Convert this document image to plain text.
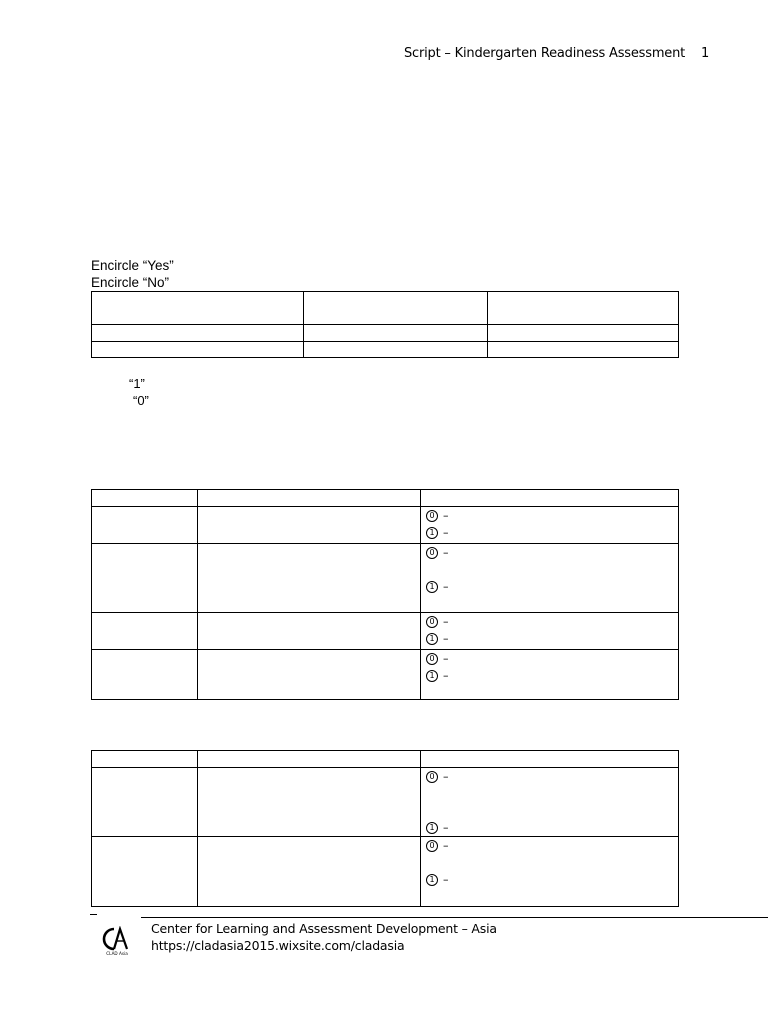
Script – Kindergarten Readiness Assessment 1
Encircle “Yes”
Encircle “No”

“1”
“0”

0 –
1 –

0 –
1 –

0 –
1 –

0 –
1 –

0 –
1 –

0 –
1 –
CLAD Asia
Center for Learning and Assessment Development – Asia
https://cladasia2015.wixsite.com/cladasia
